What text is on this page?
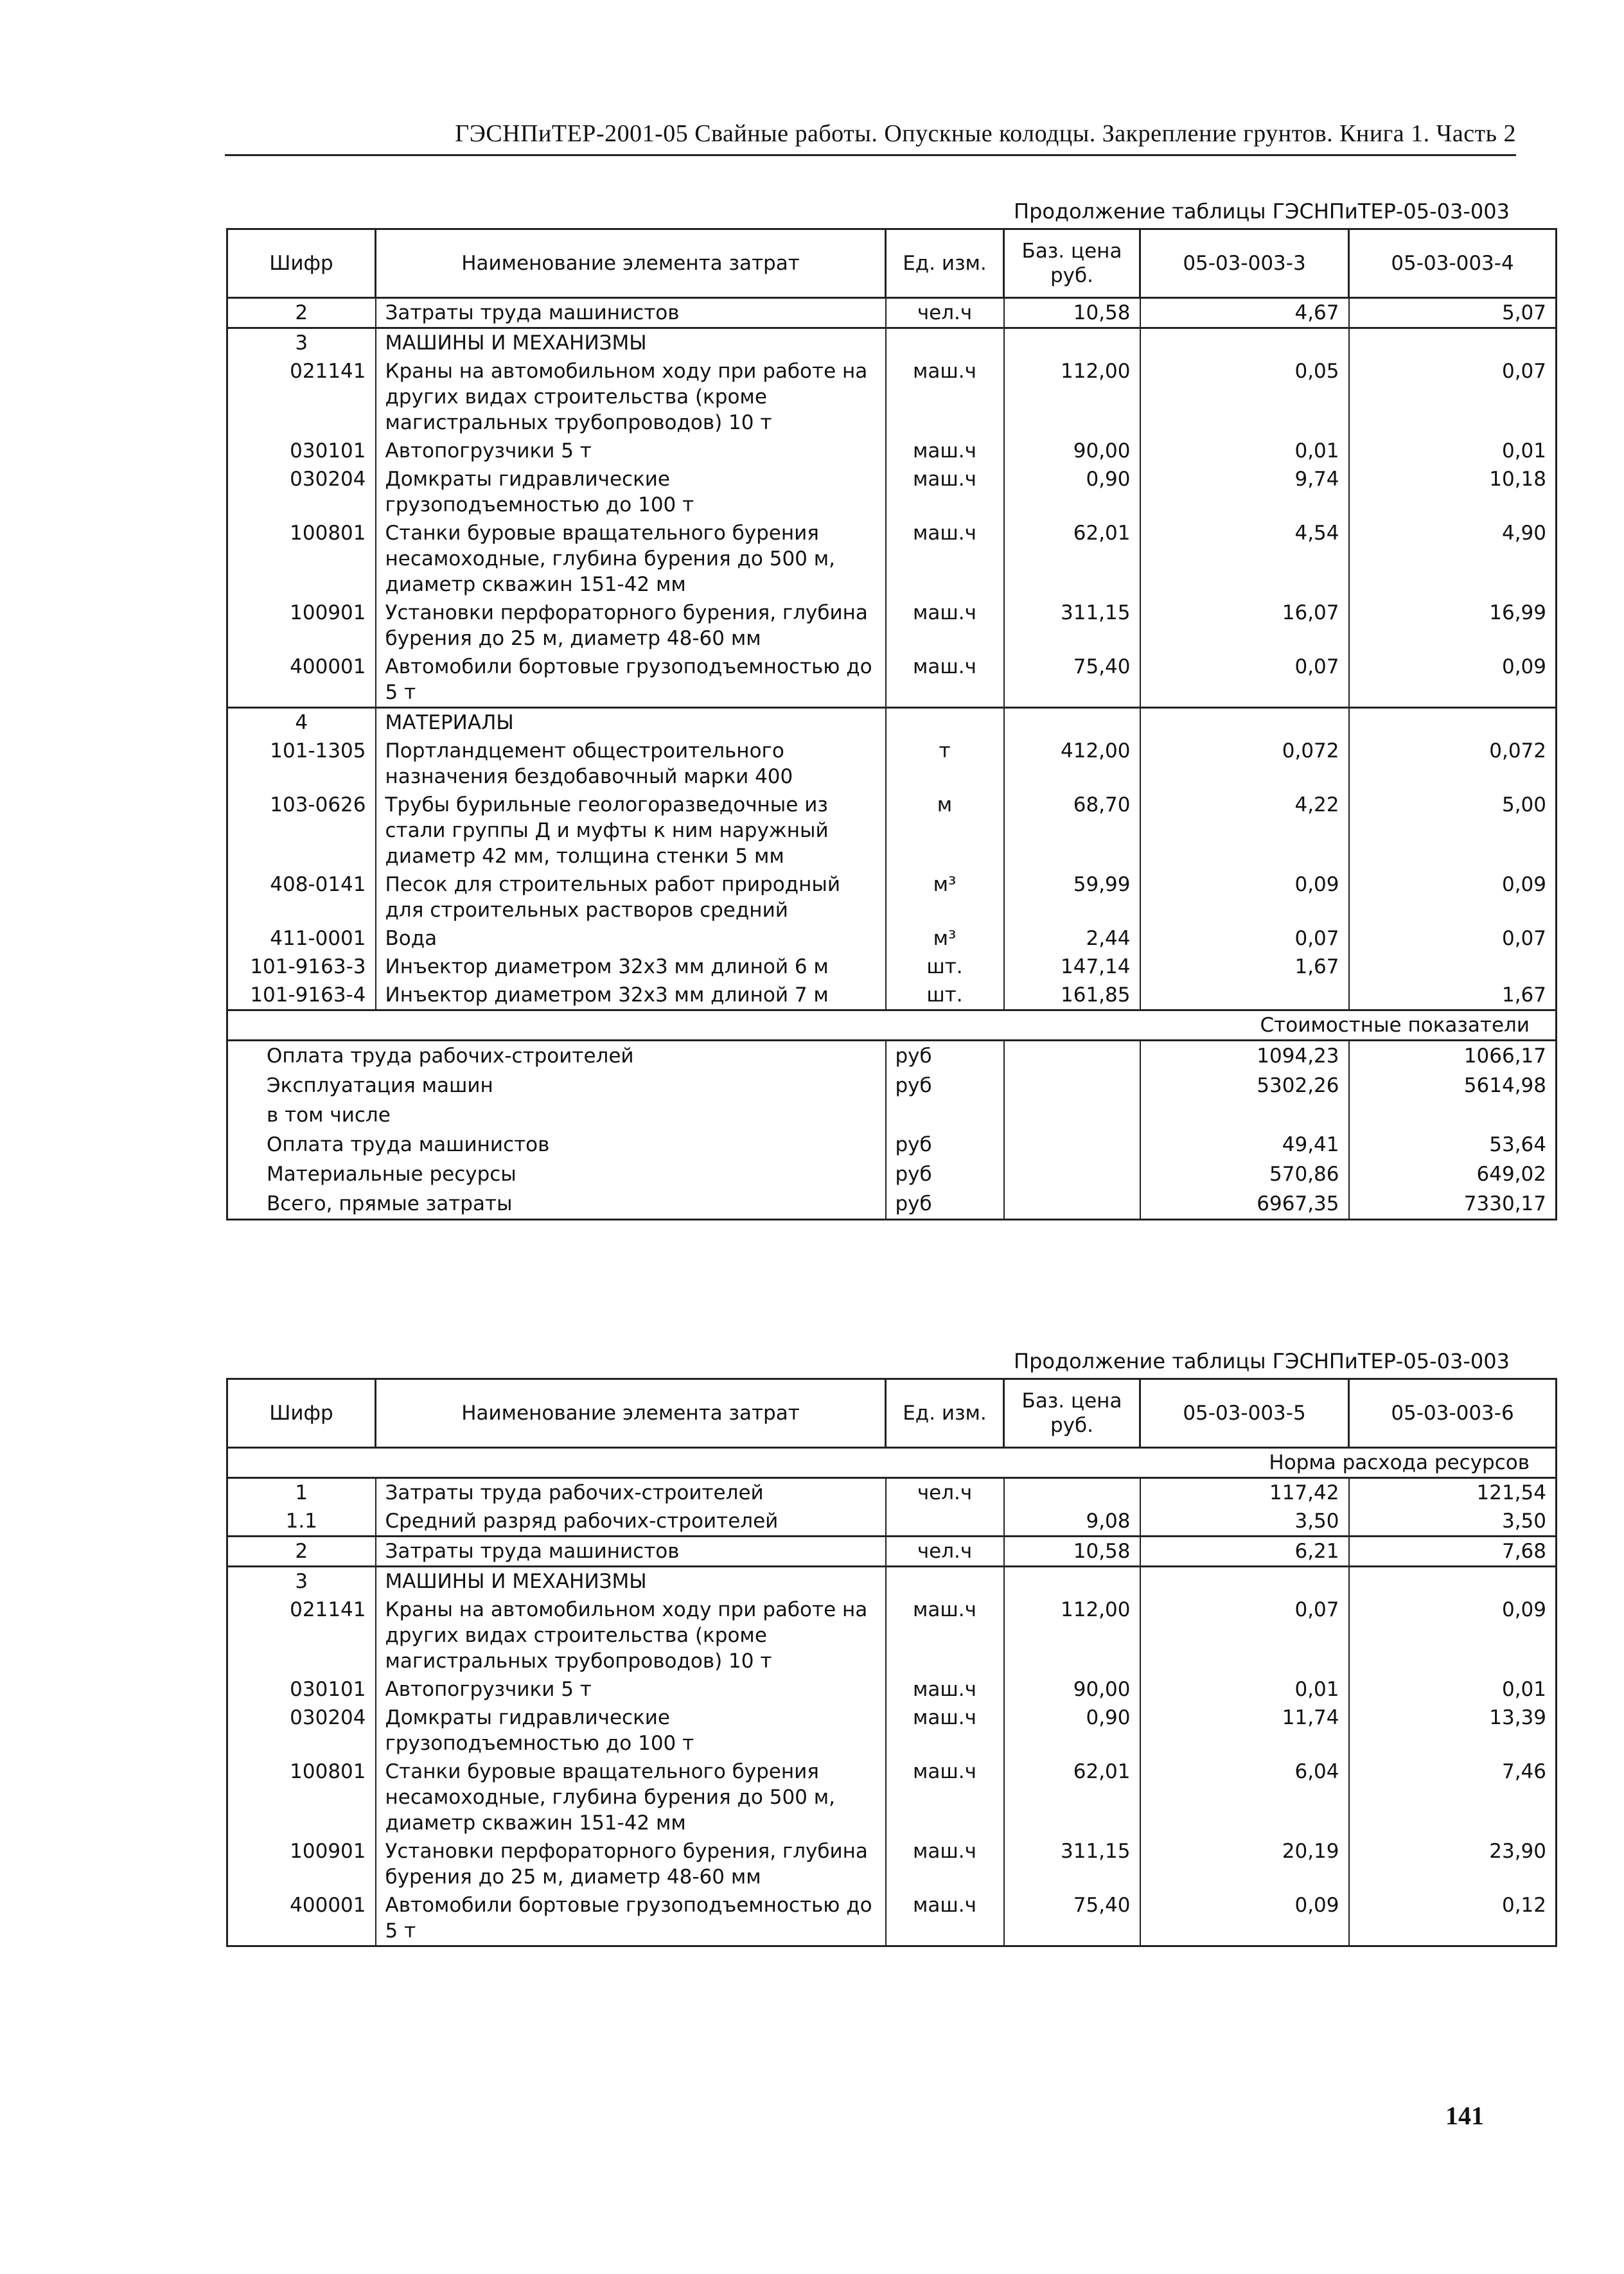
ГЭСНПиТЕР-2001-05 Свайные работы. Опускные колодцы. Закрепление грунтов. Книга 1. Часть 2
Продолжение таблицы ГЭСНПиТЕР-05-03-003
Шифр	Наименование элемента затрат	Ед. изм.	Баз. цена руб.	05-03-003-3	05-03-003-4
2	Затраты труда машинистов	чел.ч	10,58	4,67	5,07
3	МАШИНЫ И МЕХАНИЗМЫ				
021141	Краны на автомобильном ходу при работе на других видах строительства (кроме магистральных трубопроводов) 10 т	маш.ч	112,00	0,05	0,07
030101	Автопогрузчики 5 т	маш.ч	90,00	0,01	0,01
030204	Домкраты гидравлические грузоподъемностью до 100 т	маш.ч	0,90	9,74	10,18
100801	Станки буровые вращательного бурения несамоходные, глубина бурения до 500 м, диаметр скважин 151-42 мм	маш.ч	62,01	4,54	4,90
100901	Установки перфораторного бурения, глубина бурения до 25 м, диаметр 48-60 мм	маш.ч	311,15	16,07	16,99
400001	Автомобили бортовые грузоподъемностью до 5 т	маш.ч	75,40	0,07	0,09
4	МАТЕРИАЛЫ				
101-1305	Портландцемент общестроительного назначения бездобавочный марки 400	т	412,00	0,072	0,072
103-0626	Трубы бурильные геологоразведочные из стали группы Д и муфты к ним наружный диаметр 42 мм, толщина стенки 5 мм	м	68,70	4,22	5,00
408-0141	Песок для строительных работ природный для строительных растворов средний	м³	59,99	0,09	0,09
411-0001	Вода	м³	2,44	0,07	0,07
101-9163-3	Инъектор диаметром 32x3 мм длиной 6 м	шт.	147,14	1,67	
101-9163-4	Инъектор диаметром 32x3 мм длиной 7 м	шт.	161,85		1,67
Стоимостные показатели					
Оплата труда рабочих-строителей		руб		1094,23	1066,17
Эксплуатация машин		руб		5302,26	5614,98
в том числе					
Оплата труда машинистов		руб		49,41	53,64
Материальные ресурсы		руб		570,86	649,02
Всего, прямые затраты		руб		6967,35	7330,17
Продолжение таблицы ГЭСНПиТЕР-05-03-003
Шифр	Наименование элемента затрат	Ед. изм.	Баз. цена руб.	05-03-003-5	05-03-003-6
Норма расхода ресурсов					
1	Затраты труда рабочих-строителей	чел.ч		117,42	121,54
1.1	Средний разряд рабочих-строителей		9,08	3,50	3,50
2	Затраты труда машинистов	чел.ч	10,58	6,21	7,68
3	МАШИНЫ И МЕХАНИЗМЫ				
021141	Краны на автомобильном ходу при работе на других видах строительства (кроме магистральных трубопроводов) 10 т	маш.ч	112,00	0,07	0,09
030101	Автопогрузчики 5 т	маш.ч	90,00	0,01	0,01
030204	Домкраты гидравлические грузоподъемностью до 100 т	маш.ч	0,90	11,74	13,39
100801	Станки буровые вращательного бурения несамоходные, глубина бурения до 500 м, диаметр скважин 151-42 мм	маш.ч	62,01	6,04	7,46
100901	Установки перфораторного бурения, глубина бурения до 25 м, диаметр 48-60 мм	маш.ч	311,15	20,19	23,90
400001	Автомобили бортовые грузоподъемностью до 5 т	маш.ч	75,40	0,09	0,12
141
